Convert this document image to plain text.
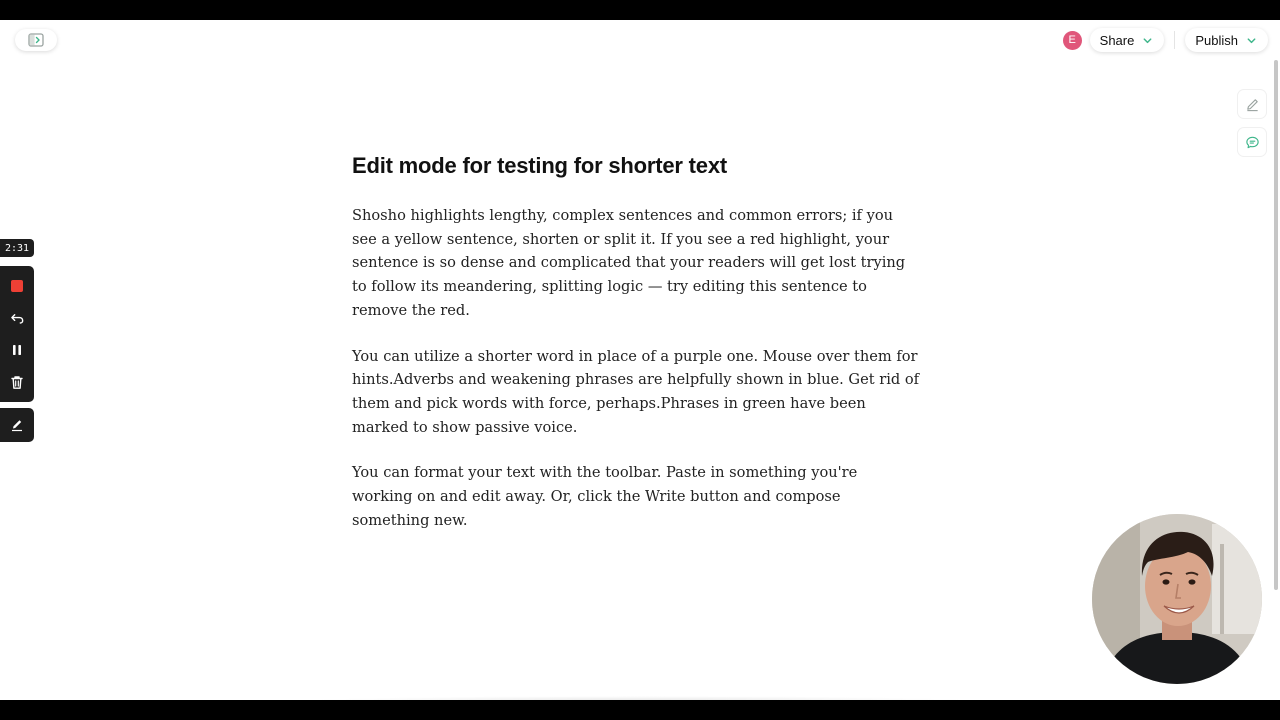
E	Share	Publish
Edit mode for testing for shorter text

Shosho highlights lengthy, complex sentences and common errors; if you see a yellow sentence, shorten or split it. If you see a red highlight, your sentence is so dense and complicated that your readers will get lost trying to follow its meandering, splitting logic — try editing this sentence to remove the red.

You can utilize a shorter word in place of a purple one. Mouse over them for hints.Adverbs and weakening phrases are helpfully shown in blue. Get rid of them and pick words with force, perhaps.Phrases in green have been marked to show passive voice.

You can format your text with the toolbar. Paste in something you're working on and edit away. Or, click the Write button and compose something new.

2:31
